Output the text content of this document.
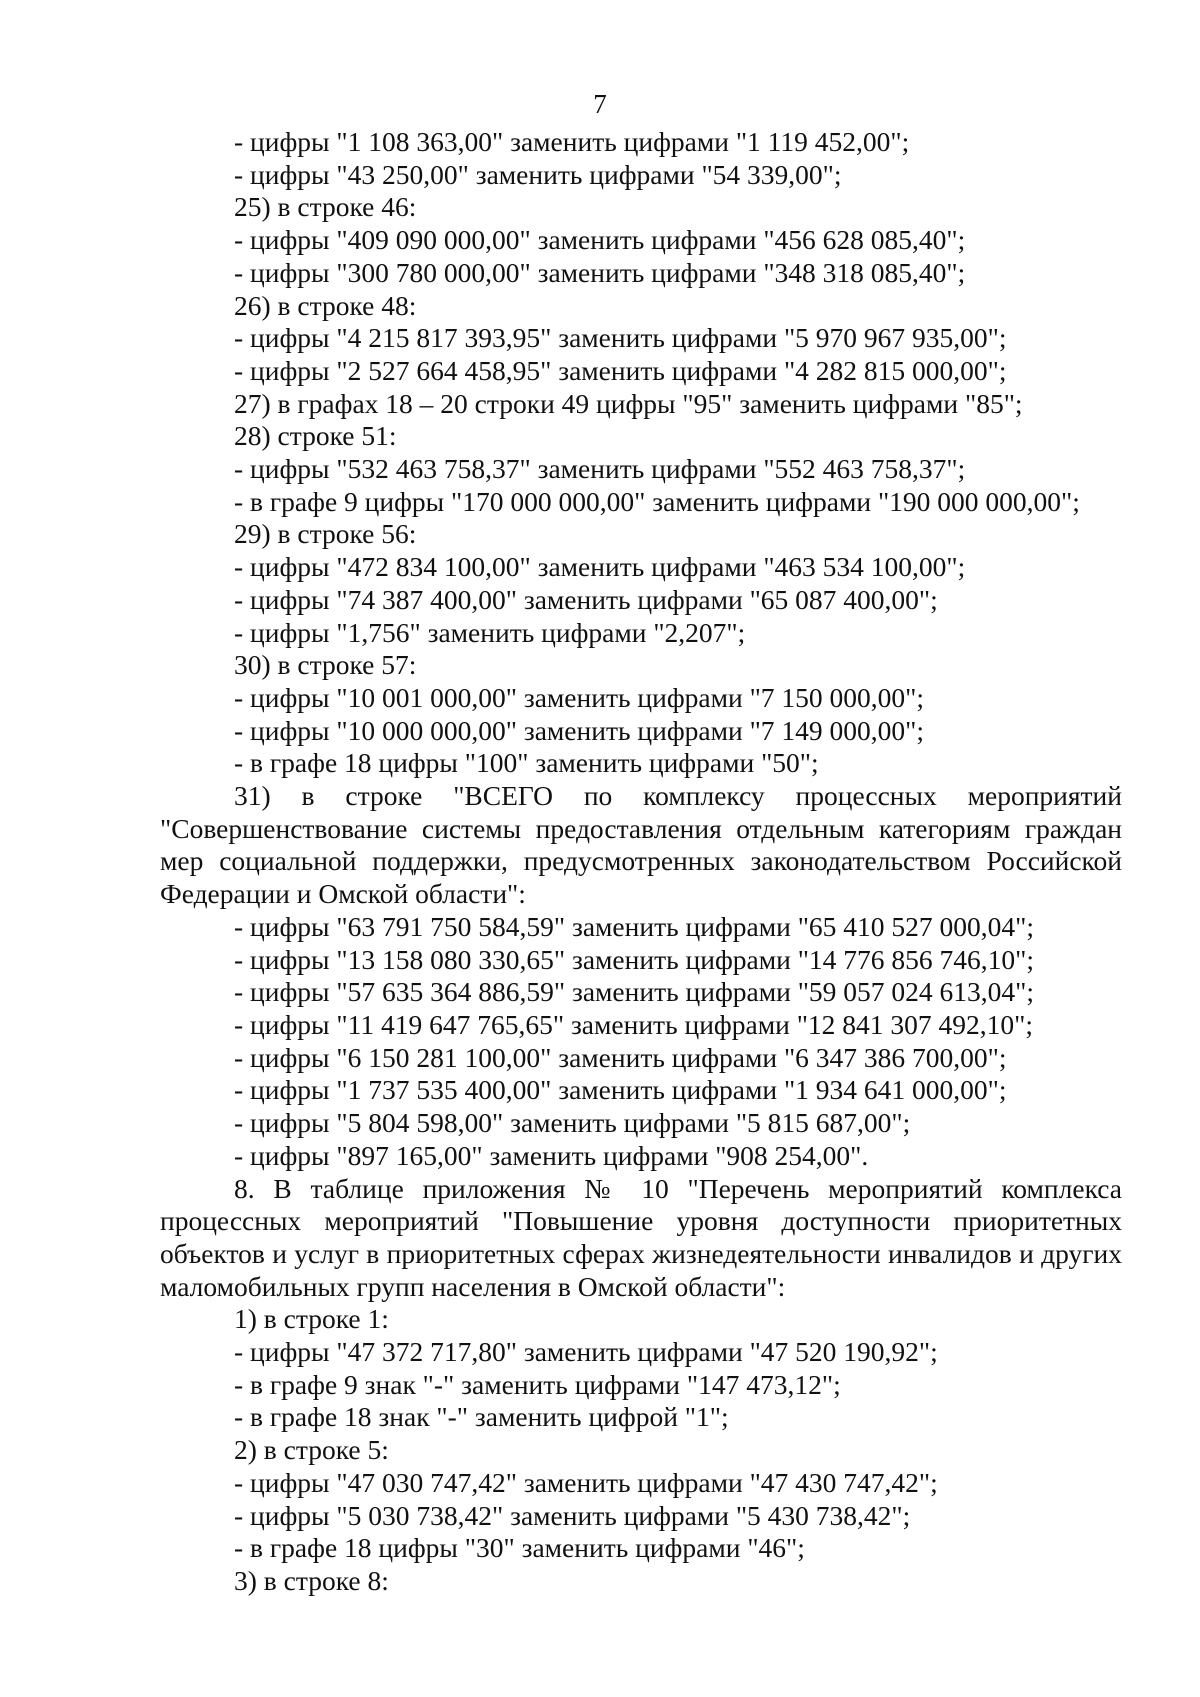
7
- цифры "1 108 363,00" заменить цифрами "1 119 452,00";
- цифры "43 250,00" заменить цифрами "54 339,00";
25) в строке 46:
- цифры "409 090 000,00" заменить цифрами "456 628 085,40";
- цифры "300 780 000,00" заменить цифрами "348 318 085,40";
26) в строке 48:
- цифры "4 215 817 393,95" заменить цифрами "5 970 967 935,00";
- цифры "2 527 664 458,95" заменить цифрами "4 282 815 000,00";
27) в графах 18 – 20 строки 49 цифры "95" заменить цифрами "85";
28) строке 51:
- цифры "532 463 758,37" заменить цифрами "552 463 758,37";
- в графе 9 цифры "170 000 000,00" заменить цифрами "190 000 000,00";
29) в строке 56:
- цифры "472 834 100,00" заменить цифрами "463 534 100,00";
- цифры "74 387 400,00" заменить цифрами "65 087 400,00";
- цифры "1,756" заменить цифрами "2,207";
30) в строке 57:
- цифры "10 001 000,00" заменить цифрами "7 150 000,00";
- цифры "10 000 000,00" заменить цифрами "7 149 000,00";
- в графе 18 цифры "100" заменить цифрами "50";

31) в строке "ВСЕГО по комплексу процессных мероприятий "Совершенствование системы предоставления отдельным категориям граждан мер социальной поддержки, предусмотренных законодательством Российской Федерации и Омской области":

- цифры "63 791 750 584,59" заменить цифрами "65 410 527 000,04";
- цифры "13 158 080 330,65" заменить цифрами "14 776 856 746,10";
- цифры "57 635 364 886,59" заменить цифрами "59 057 024 613,04";
- цифры "11 419 647 765,65" заменить цифрами "12 841 307 492,10";
- цифры "6 150 281 100,00" заменить цифрами "6 347 386 700,00";
- цифры "1 737 535 400,00" заменить цифрами "1 934 641 000,00";
- цифры "5 804 598,00" заменить цифрами "5 815 687,00";
- цифры "897 165,00" заменить цифрами "908 254,00".

8. В таблице приложения № 10 "Перечень мероприятий комплекса процессных мероприятий "Повышение уровня доступности приоритетных объектов и услуг в приоритетных сферах жизнедеятельности инвалидов и других маломобильных групп населения в Омской области":

1) в строке 1:
- цифры "47 372 717,80" заменить цифрами "47 520 190,92";
- в графе 9 знак "-" заменить цифрами "147 473,12";
- в графе 18 знак "-" заменить цифрой "1";
2) в строке 5:
- цифры "47 030 747,42" заменить цифрами "47 430 747,42";
- цифры "5 030 738,42" заменить цифрами "5 430 738,42";
- в графе 18 цифры "30" заменить цифрами "46";
3) в строке 8:
